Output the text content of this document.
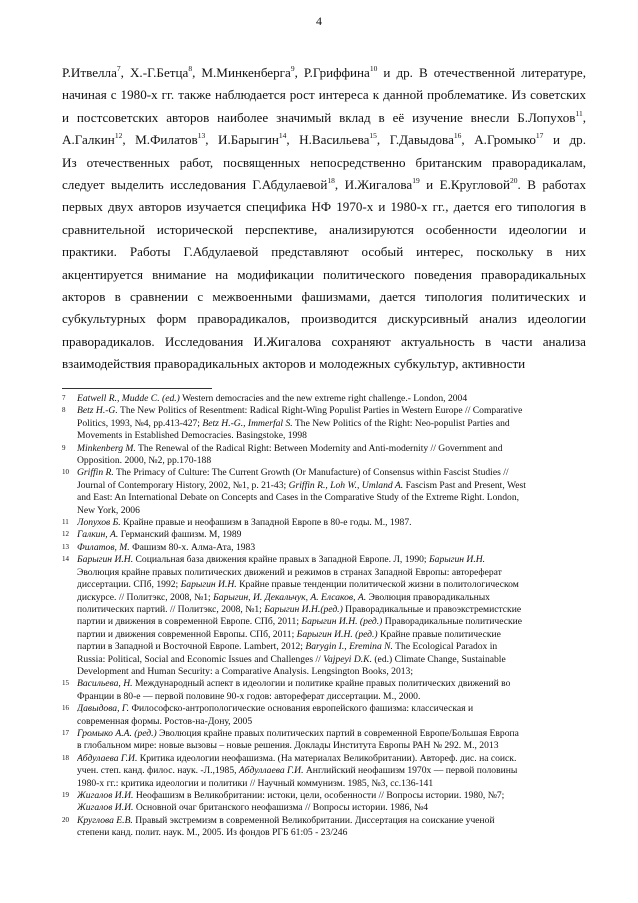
4
Р.Итвелла$^7$, Х.-Г.Бетца$^8$, М.Минкенберга$^9$, Р.Гриффина$^{10}$ и др. В отечественной литературе,
начиная с 1980-х гг. также наблюдается рост интереса к данной проблематике. Из советских
и постсоветских авторов наиболее значимый вклад в её изучение внесли Б.Лопухов$^{11}$,
А.Галкин$^{12}$, М.Филатов$^{13}$, И.Барыгин$^{14}$, Н.Васильева$^{15}$, Г.Давыдова$^{16}$, А.Громыко$^{17}$ и др.
Из отечественных работ, посвященных непосредственно британским праворадикалам,
следует выделить исследования Г.Абдулаевой$^{18}$, И.Жигалова$^{19}$ и Е.Кругловой$^{20}$. В работах
первых двух авторов изучается специфика НФ 1970-х и 1980-х гг., дается его типология в
сравнительной исторической перспективе, анализируются особенности идеологии и
практики. Работы Г.Абдулаевой представляют особый интерес, поскольку в них
акцентируется внимание на модификации политического поведения праворадикальных
акторов в сравнении с межвоенными фашизмами, дается типология политических и
субкультурных форм праворадикалов, производится дискурсивный анализ идеологии
праворадикалов. Исследования И.Жигалова сохраняют актуальность в части анализа
взаимодействия праворадикальных акторов и молодежных субкультур, активности
7 Eatwell R., Mudde C. (ed.) Western democracies and the new extreme right challenge.- London, 2004
8 Betz H.-G. The New Politics of Resentment: Radical Right-Wing Populist Parties in Western Europe // Comparative
Politics, 1993, №4, pp.413-427; Betz H.-G., Immerfal S. The New Politics of the Right: Neo-populist Parties and
Movements in Established Democracies. Basingstoke, 1998
9 Minkenberg M. The Renewal of the Radical Right: Between Modernity and Anti-modernity // Government and
Opposition. 2000, №2, pp.170-188
10 Griffin R. The Primacy of Culture: The Current Growth (Or Manufacture) of Consensus within Fascist Studies //
Journal of Contemporary History, 2002, №1, p. 21-43; Griffin R., Loh W., Umland A. Fascism Past and Present, West
and East: An International Debate on Concepts and Cases in the Comparative Study of the Extreme Right. London,
New York, 2006
11 Лопухов Б. Крайне правые и неофашизм в Западной Европе в 80-е годы. М., 1987.
12 Галкин, А. Германский фашизм. М, 1989
13 Филатов, М. Фашизм 80-х. Алма-Ата, 1983
14 Барыгин И.Н. Социальная база движения крайне правых в Западной Европе. Л, 1990; Барыгин И.Н.
Эволюция крайне правых политических движений и режимов в странах Западной Европы: автореферат
диссертации. СПб, 1992; Барыгин И.Н. Крайне правые тенденции политической жизни в политологическом
дискурсе. // Политэкс, 2008, №1; Барыгин, И. Декальчук, А. Елсаков, А. Эволюция праворадикальных
политических партий. // Политэкс, 2008, №1; Барыгин И.Н.(ред.) Праворадикальные и правоэкстремистские
партии и движения в современной Европе. СПб, 2011; Барыгин И.Н. (ред.) Праворадикальные политические
партии и движения современной Европы. СПб, 2011; Барыгин И.Н. (ред.) Крайне правые политические
партии в Западной и Восточной Европе. Lambert, 2012; Barygin I., Eremina N. The Ecological Paradox in
Russia: Political, Social and Economic Issues and Challenges // Vajpeyi D.K. (ed.) Climate Change, Sustainable
Development and Human Security: a Comparative Analysis. Lengsington Books, 2013;
15 Васильева, Н. Международный аспект в идеологии и политике крайне правых политических движений во
Франции в 80-е — первой половине 90-х годов: автореферат диссертации. М., 2000.
16 Давыдова, Г. Философско-антропологические основания европейского фашизма: классическая и
современная формы. Ростов-на-Дону, 2005
17 Громыко А.А. (ред.) Эволюция крайне правых политических партий в современной Европе/Большая Европа
в глобальном мире: новые вызовы – новые решения. Доклады Института Европы РАН № 292. М., 2013
18 Абдулаева Г.И. Критика идеологии неофашизма. (На материалах Великобритании). Автореф. дис. на соиск.
учен. степ. канд. филос. наук. -Л.,1985, Абдуллаева Г.И. Английский неофашизм 1970х — первой половины
1980-х гг.: критика идеологии и политики // Научный коммунизм. 1985, №3, сс.136-141
19 Жигалов И.И. Неофашизм в Великобритании: истоки, цели, особенности // Вопросы истории. 1980, №7;
Жигалов И.И. Основной очаг британского неофашизма // Вопросы истории. 1986, №4
20 Круглова Е.В. Правый экстремизм в современной Великобритании. Диссертация на соискание ученой
степени канд. полит. наук. М., 2005. Из фондов РГБ 61:05 - 23/246
